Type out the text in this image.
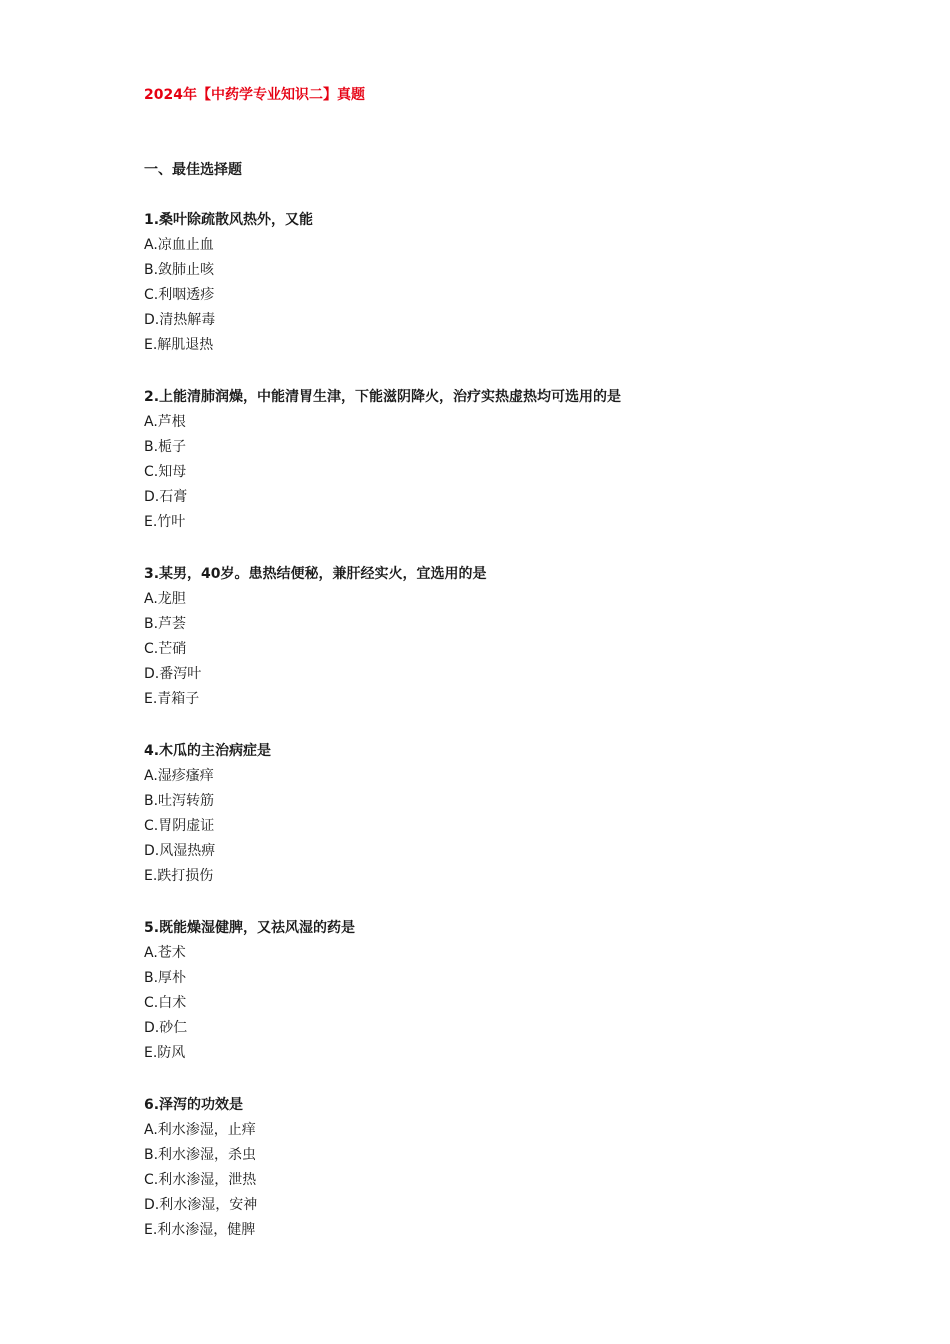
2024年【中药学专业知识二】真题
一、最佳选择题
1.桑叶除疏散风热外，又能
A.凉血止血
B.敛肺止咳
C.利咽透疹
D.清热解毒
E.解肌退热
2.上能清肺润燥，中能清胃生津，下能滋阴降火，治疗实热虚热均可选用的是
A.芦根
B.栀子
C.知母
D.石膏
E.竹叶
3.某男，40岁。患热结便秘，兼肝经实火，宜选用的是
A.龙胆
B.芦荟
C.芒硝
D.番泻叶
E.青箱子
4.木瓜的主治病症是
A.湿疹瘙痒
B.吐泻转筋
C.胃阴虚证
D.风湿热痹
E.跌打损伤
5.既能燥湿健脾，又祛风湿的药是
A.苍术
B.厚朴
C.白术
D.砂仁
E.防风
6.泽泻的功效是
A.利水渗湿，止痒
B.利水渗湿，杀虫
C.利水渗湿，泄热
D.利水渗湿，安神
E.利水渗湿，健脾
